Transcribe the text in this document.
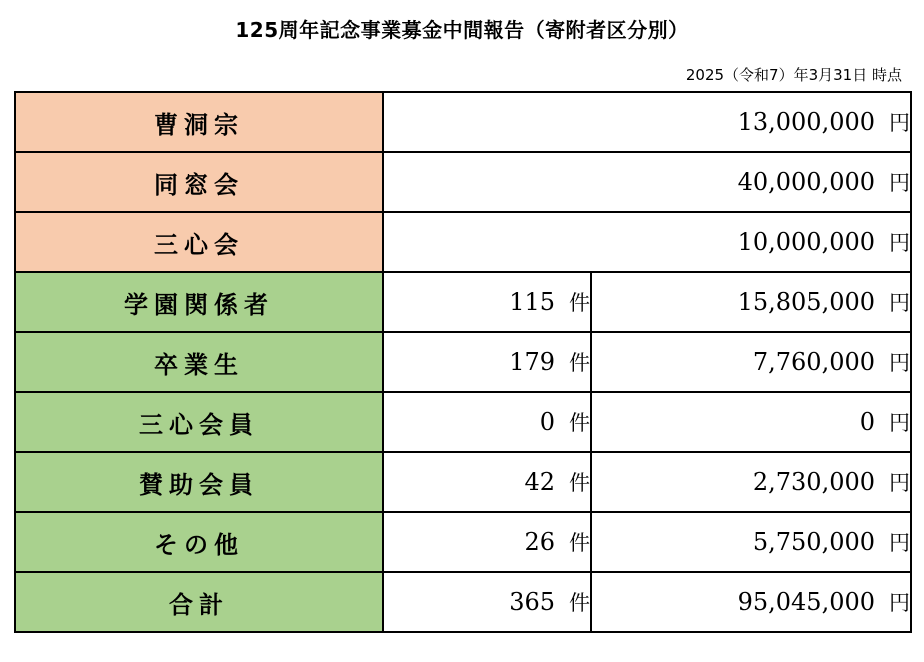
125周年記念事業募金中間報告（寄附者区分別）
2025（令和7）年3月31日 時点
曹洞宗	13,000,000 円	
同窓会	40,000,000 円	
三心会	10,000,000 円	
学園関係者	115 件	15,805,000 円
卒業生	179 件	7,760,000 円
三心会員	0 件	0 円
賛助会員	42 件	2,730,000 円
その他	26 件	5,750,000 円
合計	365 件	95,045,000 円
